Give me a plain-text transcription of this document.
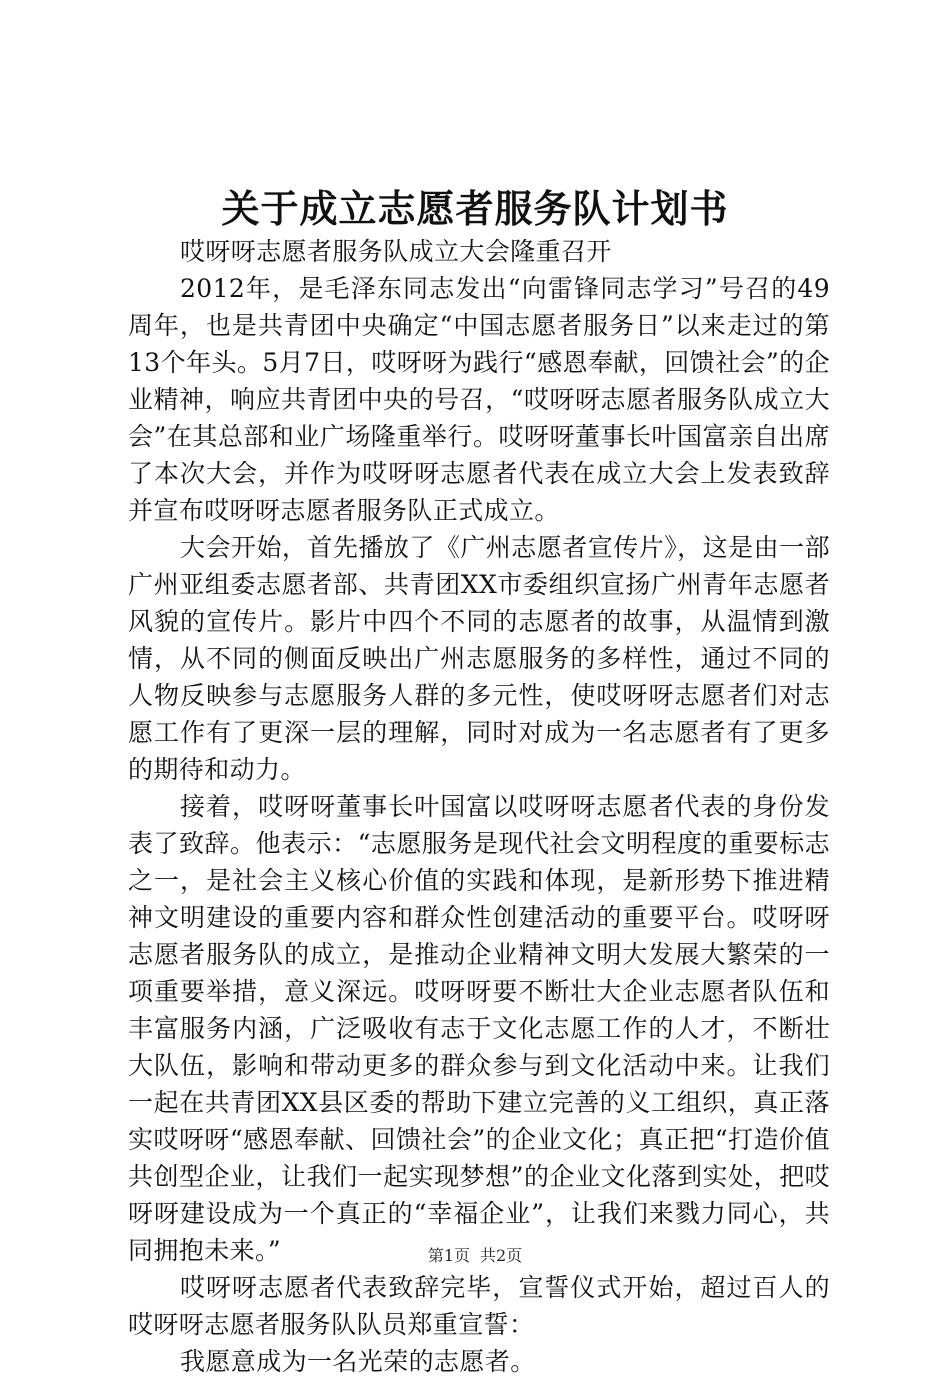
关于成立志愿者服务队计划书

哎呀呀志愿者服务队成立大会隆重召开

2012年，是毛泽东同志发出“向雷锋同志学习”号召的49周年，也是共青团中央确定“中国志愿者服务日”以来走过的第13个年头。5月7日，哎呀呀为践行“感恩奉献，回馈社会”的企业精神，响应共青团中央的号召，“哎呀呀志愿者服务队成立大会”在其总部和业广场隆重举行。哎呀呀董事长叶国富亲自出席了本次大会，并作为哎呀呀志愿者代表在成立大会上发表致辞并宣布哎呀呀志愿者服务队正式成立。

大会开始，首先播放了《广州志愿者宣传片》，这是由一部广州亚组委志愿者部、共青团XX市委组织宣扬广州青年志愿者风貌的宣传片。影片中四个不同的志愿者的故事，从温情到激情，从不同的侧面反映出广州志愿服务的多样性，通过不同的人物反映参与志愿服务人群的多元性，使哎呀呀志愿者们对志愿工作有了更深一层的理解，同时对成为一名志愿者有了更多的期待和动力。

接着，哎呀呀董事长叶国富以哎呀呀志愿者代表的身份发表了致辞。他表示：“志愿服务是现代社会文明程度的重要标志之一，是社会主义核心价值的实践和体现，是新形势下推进精神文明建设的重要内容和群众性创建活动的重要平台。哎呀呀志愿者服务队的成立，是推动企业精神文明大发展大繁荣的一项重要举措，意义深远。哎呀呀要不断壮大企业志愿者队伍和丰富服务内涵，广泛吸收有志于文化志愿工作的人才，不断壮大队伍，影响和带动更多的群众参与到文化活动中来。让我们一起在共青团XX县区委的帮助下建立完善的义工组织，真正落实哎呀呀“感恩奉献、回馈社会”的企业文化；真正把“打造价值共创型企业，让我们一起实现梦想”的企业文化落到实处，把哎呀呀建设成为一个真正的“幸福企业”，让我们来戮力同心，共同拥抱未来。”

哎呀呀志愿者代表致辞完毕，宣誓仪式开始，超过百人的哎呀呀志愿者服务队队员郑重宣誓：

我愿意成为一名光荣的志愿者。

第1页 共2页
